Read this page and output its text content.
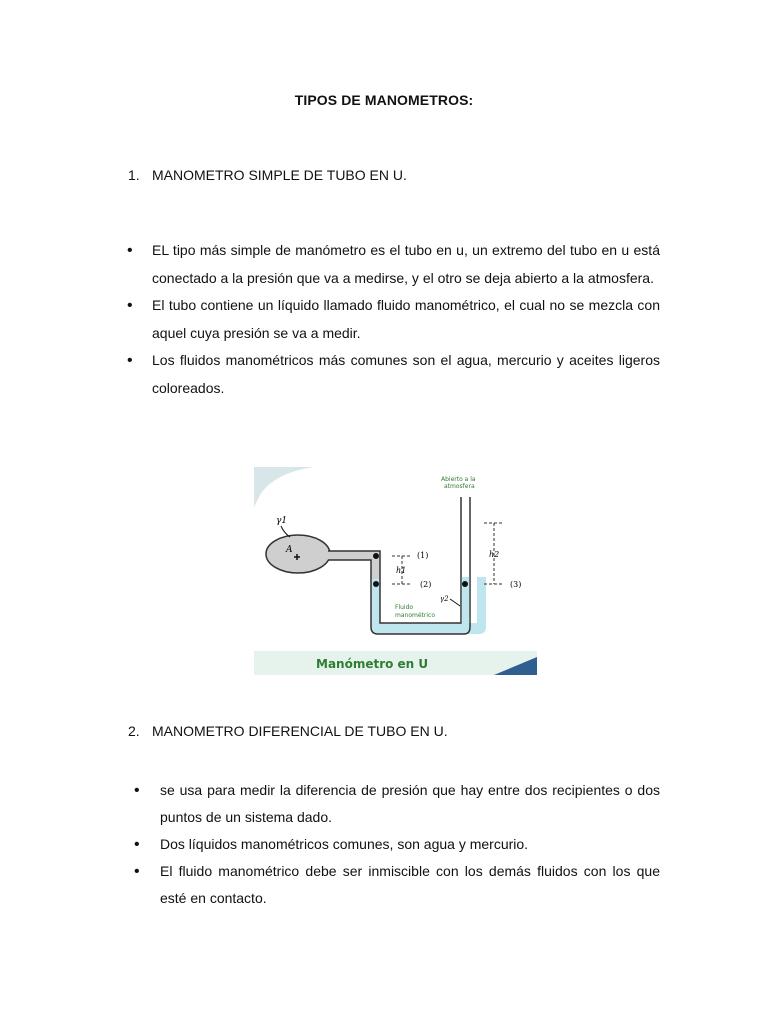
TIPOS DE MANOMETROS:
1. MANOMETRO SIMPLE DE TUBO EN U.
• EL tipo más simple de manómetro es el tubo en u, un extremo del tubo en u está conectado a la presión que va a medirse, y el otro se deja abierto a la atmosfera.
• El tubo contiene un líquido llamado fluido manométrico, el cual no se mezcla con aquel cuya presión se va a medir.
• Los fluidos manométricos más comunes son el agua, mercurio y aceites ligeros coloreados.
Manómetro en U
A
γ1
h1
(1)
(2)
h2
(3)
Abierto a la
atmosfera
γ2
Fluido
manométrico
2. MANOMETRO DIFERENCIAL DE TUBO EN U.
• se usa para medir la diferencia de presión que hay entre dos recipientes o dos puntos de un sistema dado.
• Dos líquidos manométricos comunes, son agua y mercurio.
• El fluido manométrico debe ser inmiscible con los demás fluidos con los que esté en contacto.
